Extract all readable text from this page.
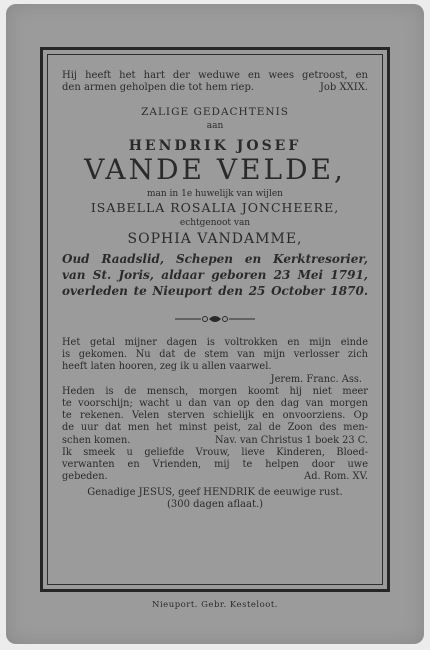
Hij heeft het hart der weduwe en wees getroost, en
den armen geholpen die tot hem riep.	Job XXIX.
ZALIGE GEDACHTENIS
aan
HENDRIK JOSEF
VANDE VELDE,
man in 1e huwelijk van wijlen
ISABELLA ROSALIA JONCHEERE,
echtgenoot van
SOPHIA VANDAMME,
Oud Raadslid, Schepen en Kerktresorier,
van St. Joris, aldaar geboren 23 Mei 1791,
overleden te Nieuport den 25 October 1870.
Het getal mijner dagen is voltrokken en mijn einde
is gekomen. Nu dat de stem van mijn verlosser zich
heeft laten hooren, zeg ik u allen vaarwel.
Jerem. Franc. Ass.
Heden is de mensch, morgen koomt hij niet meer
te voorschijn; wacht u dan van op den dag van morgen
te rekenen. Velen sterven schielijk en onvoorziens. Op
de uur dat men het minst peist, zal de Zoon des men-
schen komen.	Nav. van Christus 1 boek 23 C.
Ik smeek u geliefde Vrouw, lieve Kinderen, Bloed-
verwanten en Vrienden, mij te helpen door uwe
gebeden.	Ad. Rom. XV.
Genadige JESUS, geef HENDRIK de eeuwige rust.
(300 dagen aflaat.)
Nieuport. Gebr. Kesteloot.
